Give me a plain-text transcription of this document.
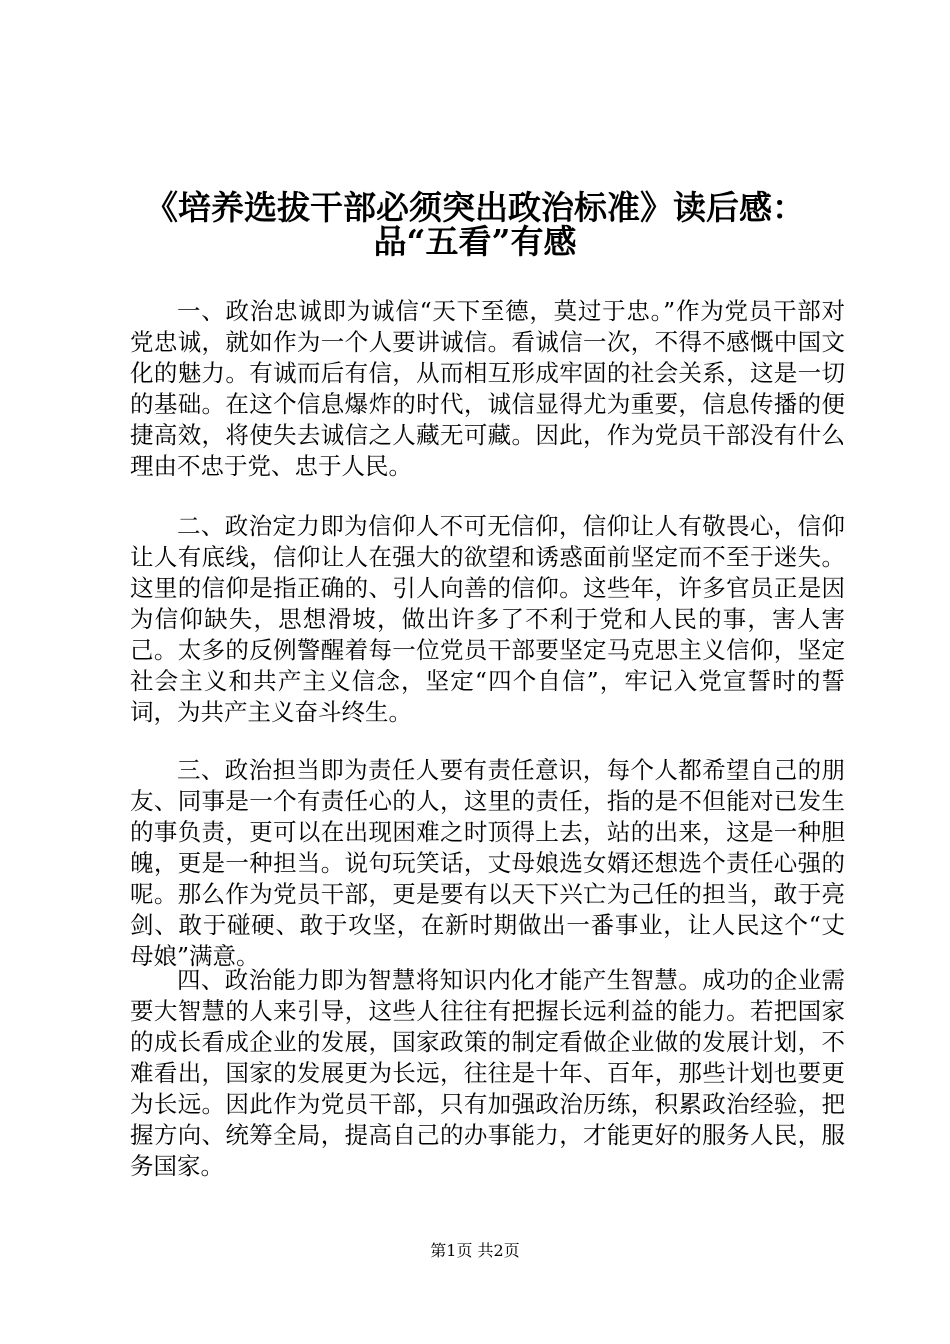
《培养选拔干部必须突出政治标准》读后感：
品“五看”有感

一、政治忠诚即为诚信“天下至德，莫过于忠。”作为党员干部对党忠诚，就如作为一个人要讲诚信。看诚信一次，不得不感慨中国文化的魅力。有诚而后有信，从而相互形成牢固的社会关系，这是一切的基础。在这个信息爆炸的时代，诚信显得尤为重要，信息传播的便捷高效，将使失去诚信之人藏无可藏。因此，作为党员干部没有什么理由不忠于党、忠于人民。

二、政治定力即为信仰人不可无信仰，信仰让人有敬畏心，信仰让人有底线，信仰让人在强大的欲望和诱惑面前坚定而不至于迷失。这里的信仰是指正确的、引人向善的信仰。这些年，许多官员正是因为信仰缺失，思想滑坡，做出许多了不利于党和人民的事，害人害己。太多的反例警醒着每一位党员干部要坚定马克思主义信仰，坚定社会主义和共产主义信念，坚定“四个自信”，牢记入党宣誓时的誓词，为共产主义奋斗终生。

三、政治担当即为责任人要有责任意识，每个人都希望自己的朋友、同事是一个有责任心的人，这里的责任，指的是不但能对已发生的事负责，更可以在出现困难之时顶得上去，站的出来，这是一种胆魄，更是一种担当。说句玩笑话，丈母娘选女婿还想选个责任心强的呢。那么作为党员干部，更是要有以天下兴亡为己任的担当，敢于亮剑、敢于碰硬、敢于攻坚，在新时期做出一番事业，让人民这个“丈母娘”满意。

四、政治能力即为智慧将知识内化才能产生智慧。成功的企业需要大智慧的人来引导，这些人往往有把握长远利益的能力。若把国家的成长看成企业的发展，国家政策的制定看做企业做的发展计划，不难看出，国家的发展更为长远，往往是十年、百年，那些计划也要更为长远。因此作为党员干部，只有加强政治历练，积累政治经验，把握方向、统筹全局，提高自己的办事能力，才能更好的服务人民，服务国家。

第1页 共2页
